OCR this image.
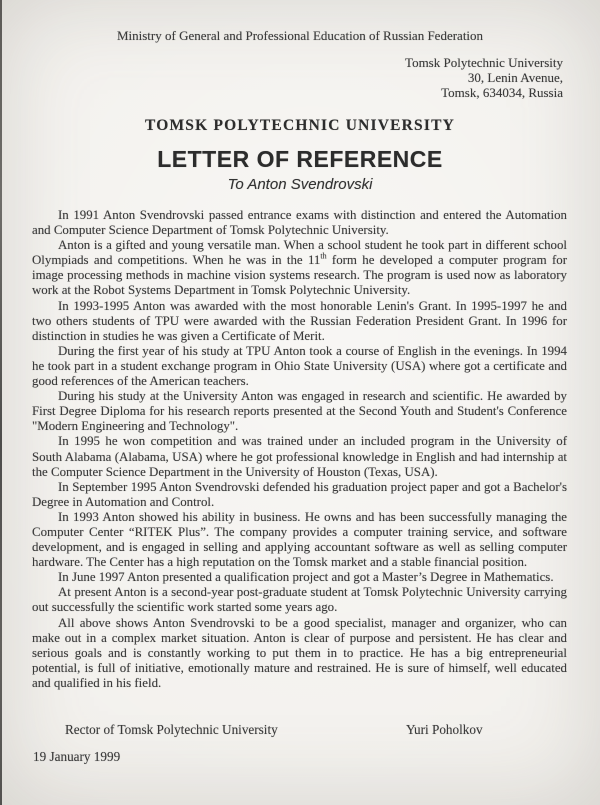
Ministry of General and Professional Education of Russian Federation
Tomsk Polytechnic University
30, Lenin Avenue,
Tomsk, 634034, Russia
TOMSK POLYTECHNIC UNIVERSITY
LETTER OF REFERENCE
To Anton Svendrovski

In 1991 Anton Svendrovski passed entrance exams with distinction and entered the Automation and Computer Science Department of Tomsk Polytechnic University.

Anton is a gifted and young versatile man. When a school student he took part in different school Olympiads and competitions. When he was in the 11th form he developed a computer program for image processing methods in machine vision systems research. The program is used now as laboratory work at the Robot Systems Department in Tomsk Polytechnic University.

In 1993-1995 Anton was awarded with the most honorable Lenin's Grant. In 1995-1997 he and two others students of TPU were awarded with the Russian Federation President Grant. In 1996 for distinction in studies he was given a Certificate of Merit.

During the first year of his study at TPU Anton took a course of English in the evenings. In 1994 he took part in a student exchange program in Ohio State University (USA) where got a certificate and good references of the American teachers.

During his study at the University Anton was engaged in research and scientific. He awarded by First Degree Diploma for his research reports presented at the Second Youth and Student's Conference "Modern Engineering and Technology".

In 1995 he won competition and was trained under an included program in the University of South Alabama (Alabama, USA) where he got professional knowledge in English and had internship at the Computer Science Department in the University of Houston (Texas, USA).

In September 1995 Anton Svendrovski defended his graduation project paper and got a Bachelor's Degree in Automation and Control.

In 1993 Anton showed his ability in business. He owns and has been successfully managing the Computer Center “RITEK Plus”. The company provides a computer training service, and software development, and is engaged in selling and applying accountant software as well as selling computer hardware. The Center has a high reputation on the Tomsk market and a stable financial position.

In June 1997 Anton presented a qualification project and got a Master’s Degree in Mathematics.

At present Anton is a second-year post-graduate student at Tomsk Polytechnic University carrying out successfully the scientific work started some years ago.

All above shows Anton Svendrovski to be a good specialist, manager and organizer, who can make out in a complex market situation. Anton is clear of purpose and persistent. He has clear and serious goals and is constantly working to put them in to practice. He has a big entrepreneurial potential, is full of initiative, emotionally mature and restrained. He is sure of himself, well educated and qualified in his field.

Rector of Tomsk Polytechnic University	Yuri Poholkov
19 January 1999
